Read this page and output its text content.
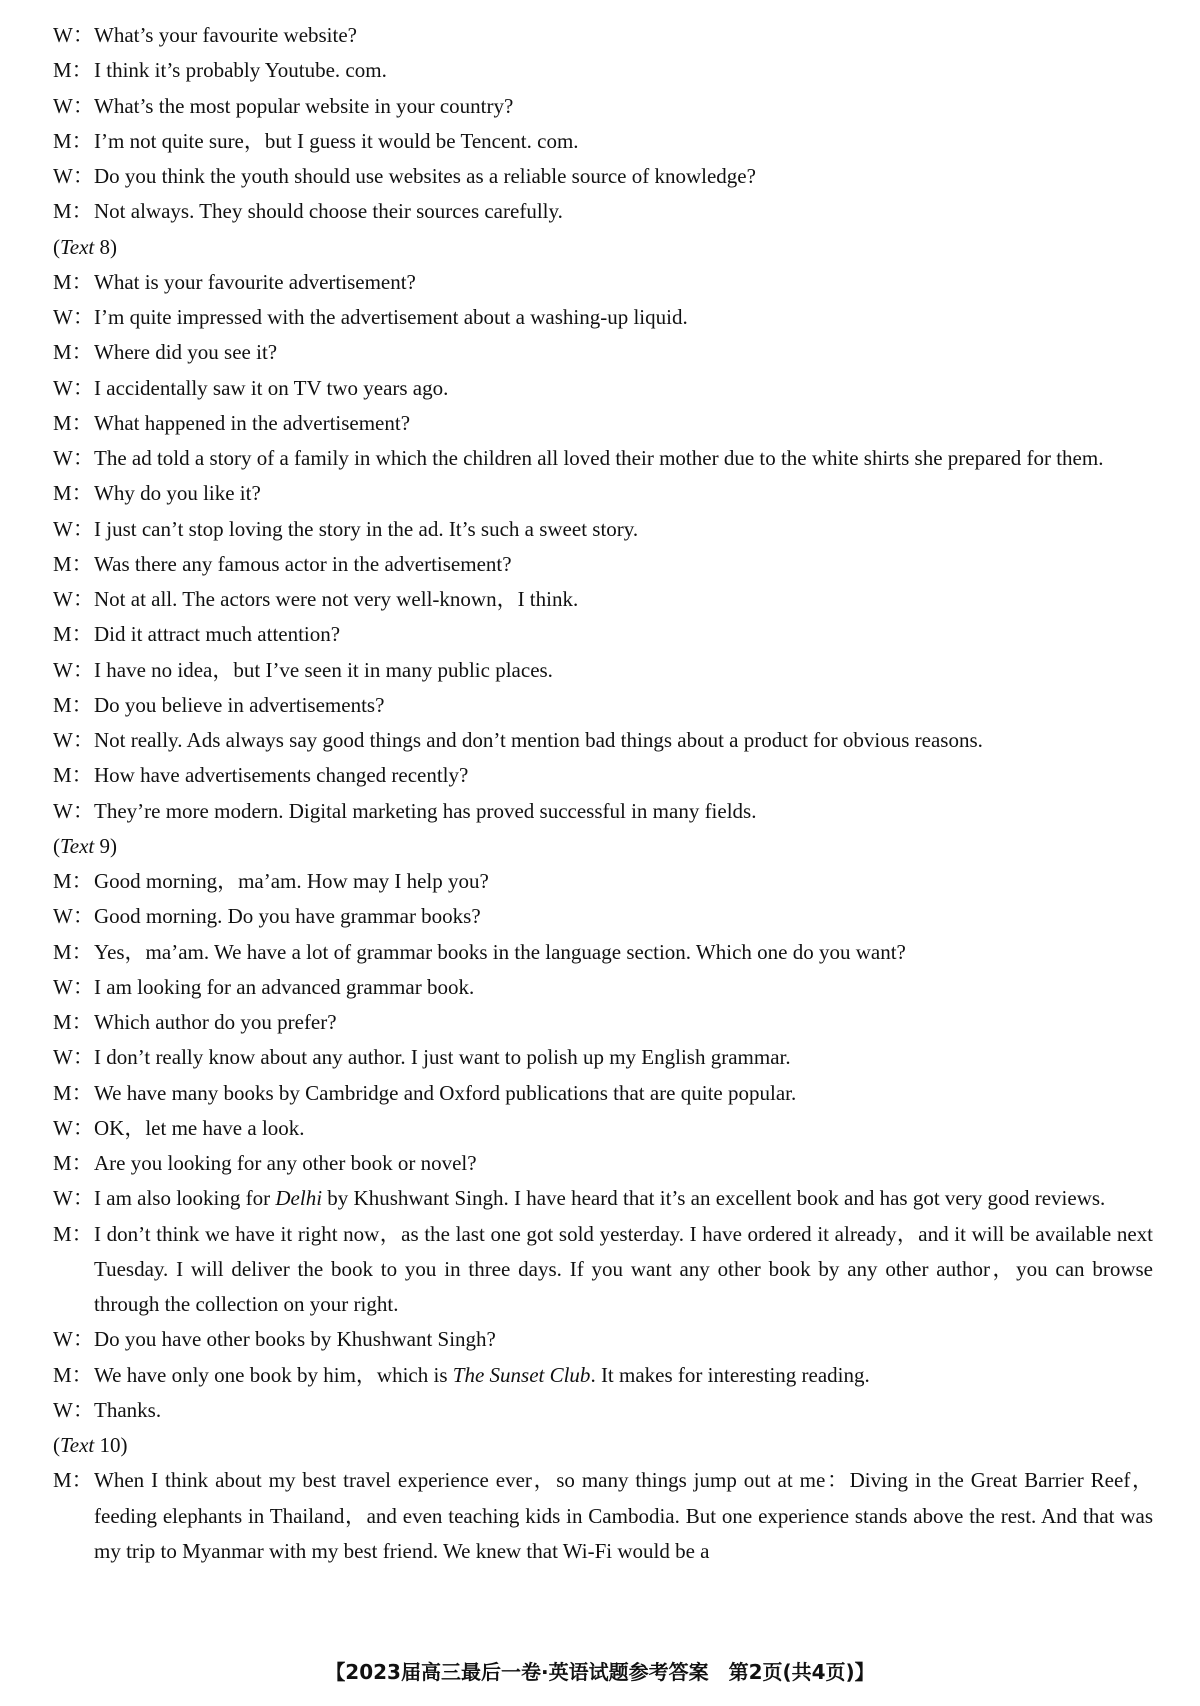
W： What’s your favourite website?
M： I think it’s probably Youtube. com.
W： What’s the most popular website in your country?
M： I’m not quite sure，but I guess it would be Tencent. com.
W： Do you think the youth should use websites as a reliable source of knowledge?
M： Not always. They should choose their sources carefully.
(Text 8)
M： What is your favourite advertisement?
W： I’m quite impressed with the advertisement about a washing-up liquid.
M： Where did you see it?
W： I accidentally saw it on TV two years ago.
M： What happened in the advertisement?
W： The ad told a story of a family in which the children all loved their mother due to the white shirts she prepared for them.
M： Why do you like it?
W： I just can’t stop loving the story in the ad. It’s such a sweet story.
M： Was there any famous actor in the advertisement?
W： Not at all. The actors were not very well-known，I think.
M： Did it attract much attention?
W： I have no idea，but I’ve seen it in many public places.
M： Do you believe in advertisements?
W： Not really. Ads always say good things and don’t mention bad things about a product for obvious reasons.
M： How have advertisements changed recently?
W： They’re more modern. Digital marketing has proved successful in many fields.
(Text 9)
M： Good morning，ma’am. How may I help you?
W： Good morning. Do you have grammar books?
M： Yes，ma’am. We have a lot of grammar books in the language section. Which one do you want?
W： I am looking for an advanced grammar book.
M： Which author do you prefer?
W： I don’t really know about any author. I just want to polish up my English grammar.
M： We have many books by Cambridge and Oxford publications that are quite popular.
W： OK，let me have a look.
M： Are you looking for any other book or novel?
W： I am also looking for Delhi by Khushwant Singh. I have heard that it’s an excellent book and has got very good reviews.
M： I don’t think we have it right now，as the last one got sold yesterday. I have ordered it already，and it will be available next Tuesday. I will deliver the book to you in three days. If you want any other book by any other author，you can browse through the collection on your right.
W： Do you have other books by Khushwant Singh?
M： We have only one book by him，which is The Sunset Club. It makes for interesting reading.
W： Thanks.
(Text 10)
M： When I think about my best travel experience ever，so many things jump out at me：Diving in the Great Barrier Reef，feeding elephants in Thailand，and even teaching kids in Cambodia. But one experience stands above the rest. And that was my trip to Myanmar with my best friend. We knew that Wi-Fi would be a
【2023届高三最后一卷·英语试题参考答案　第2页(共4页)】
